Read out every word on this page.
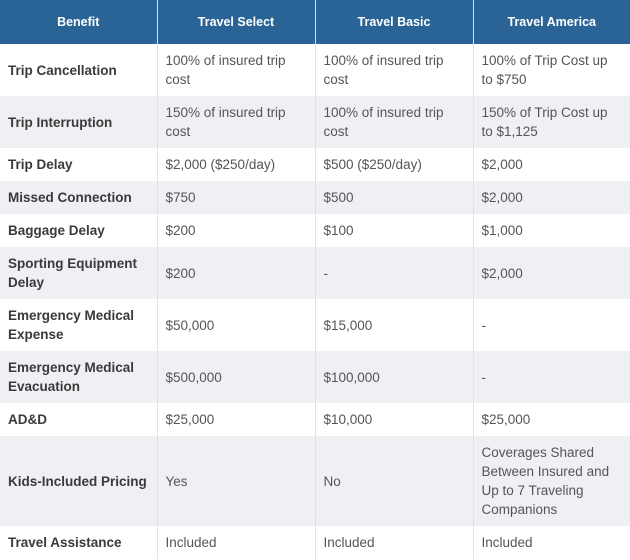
Benefit	Travel Select	Travel Basic	Travel America
Trip Cancellation	100% of insured trip cost	100% of insured trip cost	100% of Trip Cost up to $750
Trip Interruption	150% of insured trip cost	100% of insured trip cost	150% of Trip Cost up to $1,125
Trip Delay	$2,000 ($250/day)	$500 ($250/day)	$2,000
Missed Connection	$750	$500	$2,000
Baggage Delay	$200	$100	$1,000
Sporting Equipment Delay	$200	-	$2,000
Emergency Medical Expense	$50,000	$15,000	-
Emergency Medical Evacuation	$500,000	$100,000	-
AD&D	$25,000	$10,000	$25,000
Kids-Included Pricing	Yes	No	Coverages Shared Between Insured and Up to 7 Traveling Companions
Travel Assistance	Included	Included	Included
